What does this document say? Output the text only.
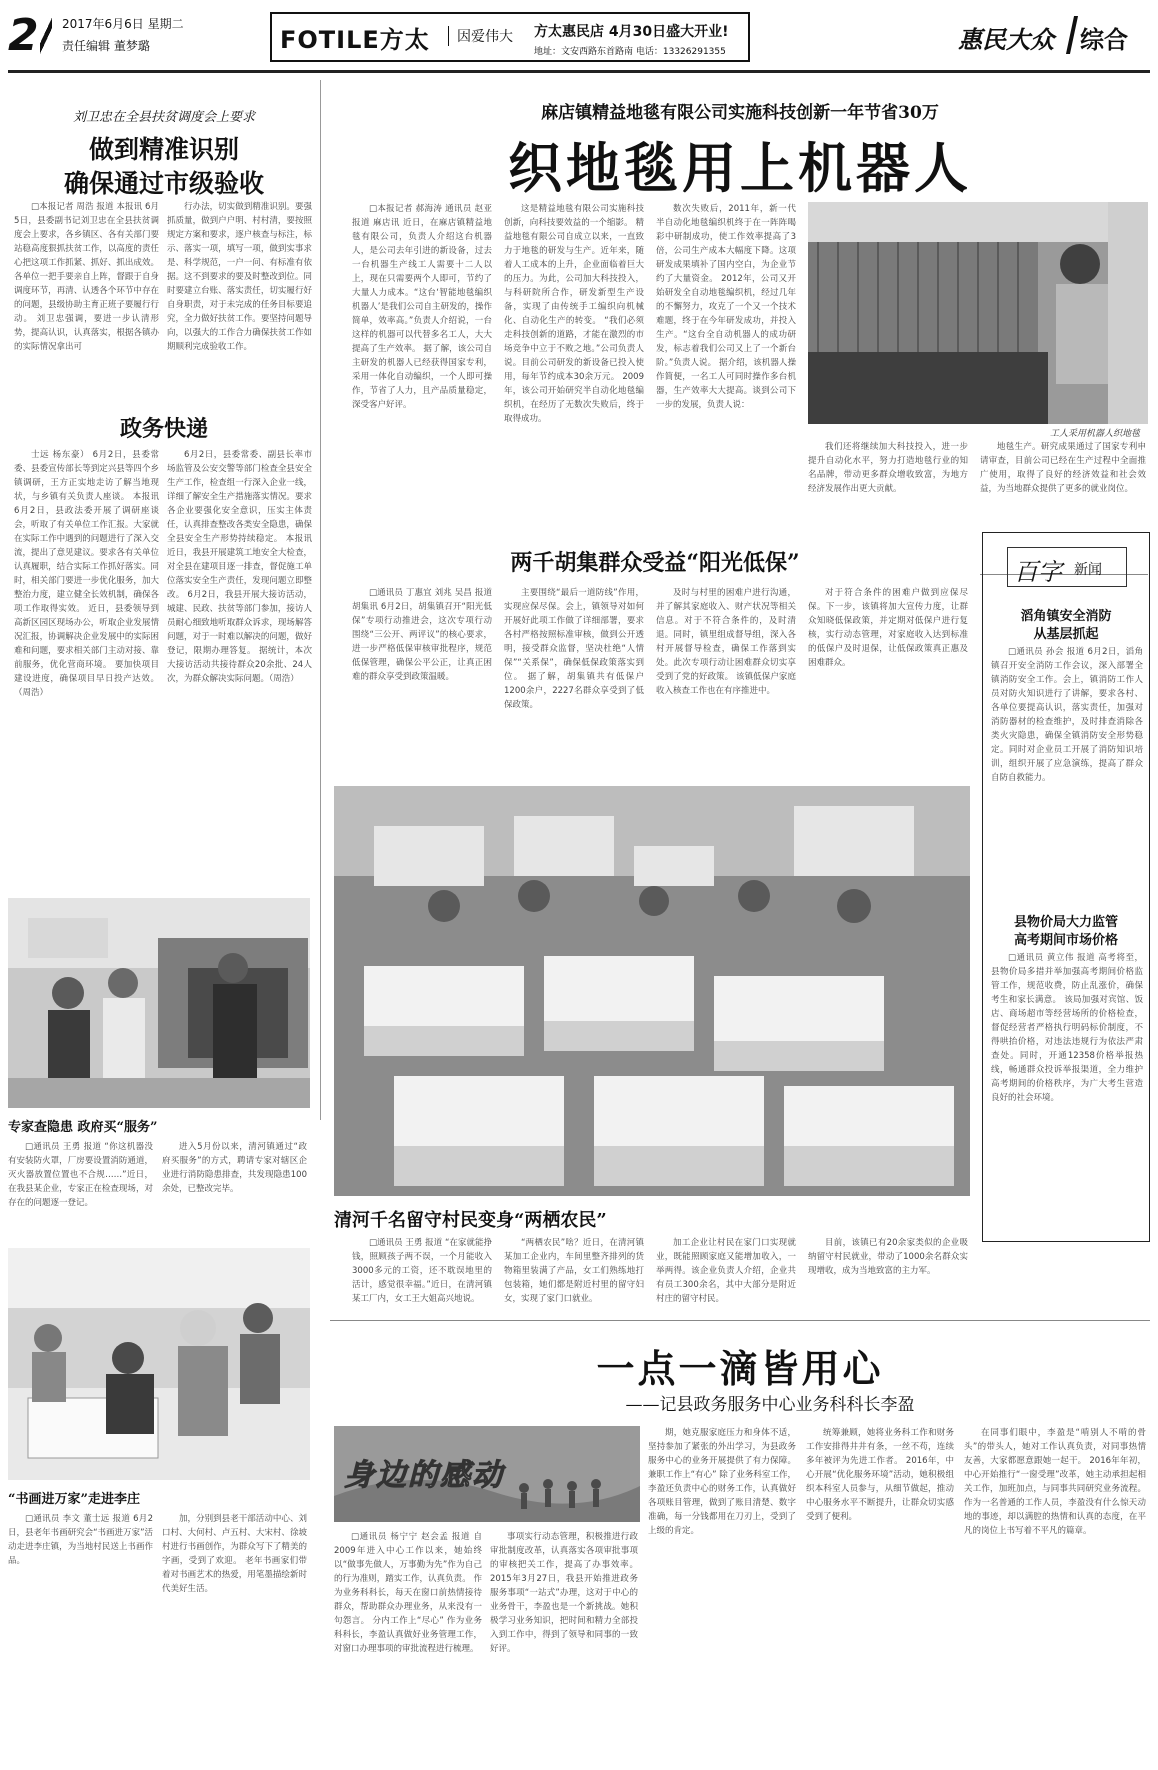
2 2017年6月6日 星期二
责任编辑 董梦璐	FOTILE方太	因爱伟大 方太惠民店 4月30日盛大开业!
地址：文安西路东首路南 电话：13326291355	惠民大众 综合
刘卫忠在全县扶贫调度会上要求
做到精准识别
确保通过市级验收

□本报记者 周浩 报道 本报讯 6月5日，县委副书记刘卫忠在全县扶贫调度会上要求，各乡镇区、各有关部门要站稳高度狠抓扶贫工作，以高度的责任心把这项工作抓紧、抓好、抓出成效。各单位一把手要亲自上阵，督跟于自身调度环节，再清、认透各个环节中存在的问题，县级协助主育正班子要履行行动。 刘卫忠强调，要进一步认清形势，提高认识，认真落实，根据各镇办的实际情况拿出可

行办法，切实做到精准识别。要强抓质量，做到户户明、村村清，要按照规定方案和要求，逐户核查与标注，标示、落实一项，填写一项，做到实事求是、科学规范，一户一问、有标准有依据。这不到要求的要及时整改到位。同时要建立台账、落实责任，切实履行好自身职责，对于未完成的任务目标要追究，全力做好扶贫工作。要坚持问题导向，以强大的工作合力确保扶贫工作如期顺利完成验收工作。

政务快递

士远 杨东豪） 6月2日，县委常委、县委宣传部长等到定兴县等四个乡镇调研，王方正实地走访了解当地现状，与乡镇有关负责人座谈。 本报讯 6月2日，县政法委开展了调研座谈会，听取了有关单位工作汇报。大家就在实际工作中遇到的问题进行了深入交流，提出了意见建议。要求各有关单位认真履职，结合实际工作抓好落实。同时，相关部门要进一步优化服务，加大整治力度，建立健全长效机制，确保各项工作取得实效。 近日，县委领导到高新区园区现场办公，听取企业发展情况汇报，协调解决企业发展中的实际困难和问题，要求相关部门主动对接、靠前服务，优化营商环境。 要加快项目建设进度，确保项目早日投产达效。（周浩）

6月2日，县委常委、副县长率市场监管及公安交警等部门检查全县安全生产工作，检查组一行深入企业一线，详细了解安全生产措施落实情况。要求各企业要强化安全意识，压实主体责任，认真排查整改各类安全隐患，确保全县安全生产形势持续稳定。 本报讯 近日，我县开展建筑工地安全大检查，对全县在建项目逐一排查，督促施工单位落实安全生产责任，发现问题立即整改。 6月2日，我县开展大接访活动，城建、民政、扶贫等部门参加，接访人员耐心细致地听取群众诉求，现场解答问题，对于一时难以解决的问题，做好登记，限期办理答复。 据统计，本次大接访活动共接待群众20余批、24人次，为群众解决实际问题。（周浩）

专家查隐患 政府买“服务”

□通讯员 王勇 报道 “你这机器没有安装防火罩，厂房要设置消防通道，灭火器放置位置也不合规……”近日，在我县某企业，专家正在检查现场，对存在的问题逐一登记。

进入5月份以来，清河镇通过“政府买服务”的方式，聘请专家对辖区企业进行消防隐患排查，共发现隐患100余处，已整改完毕。

“书画进万家”走进李庄

□通讯员 李文 董士远 报道 6月2日，县老年书画研究会“书画进万家”活动走进李庄镇，为当地村民送上书画作品。

加，分别到县老干部活动中心、刘口村、大何村、卢五村、大宋村、徐坡村进行书画创作，为群众写下了精美的字画，受到了欢迎。 老年书画家们带着对书画艺术的热爱，用笔墨描绘新时代美好生活。

麻店镇精益地毯有限公司实施科技创新一年节省30万
织地毯用上机器人

□本报记者 郝海涛 通讯员 赵亚 报道 麻店讯 近日，在麻店镇精益地毯有限公司，负责人介绍这台机器人，是公司去年引进的新设备，过去一台机器生产线工人需要十二人以上，现在只需要两个人即可，节约了大量人力成本。“这台‘智能地毯编织机器人’是我们公司自主研发的，操作简单，效率高。”负责人介绍说，一台这样的机器可以代替多名工人，大大提高了生产效率。 据了解，该公司自主研发的机器人已经获得国家专利，采用一体化自动编织，一个人即可操作，节省了人力，且产品质量稳定，深受客户好评。

这是精益地毯有限公司实施科技创新，向科技要效益的一个缩影。 精益地毯有限公司自成立以来，一直致力于地毯的研发与生产。近年来，随着人工成本的上升，企业面临着巨大的压力。为此，公司加大科技投入，与科研院所合作，研发新型生产设备，实现了由传统手工编织向机械化、自动化生产的转变。 “我们必须走科技创新的道路，才能在激烈的市场竞争中立于不败之地。”公司负责人说。目前公司研发的新设备已投入使用，每年节约成本30余万元。 2009年，该公司开始研究半自动化地毯编织机，在经历了无数次失败后，终于取得成功。

数次失败后，2011年，新一代半自动化地毯编织机终于在一阵阵喝彩中研制成功，使工作效率提高了3倍，公司生产成本大幅度下降。这项研发成果填补了国内空白，为企业节约了大量资金。 2012年，公司又开始研发全自动地毯编织机，经过几年的不懈努力，攻克了一个又一个技术难题，终于在今年研发成功，并投入生产。“这台全自动机器人的成功研发，标志着我们公司又上了一个新台阶。”负责人说。 据介绍，该机器人操作简便，一名工人可同时操作多台机器，生产效率大大提高。谈到公司下一步的发展，负责人说：

工人采用机器人织地毯

我们还将继续加大科技投入，进一步提升自动化水平，努力打造地毯行业的知名品牌，带动更多群众增收致富，为地方经济发展作出更大贡献。

地毯生产。研究成果通过了国家专利申请审查，目前公司已经在生产过程中全面推广使用，取得了良好的经济效益和社会效益，为当地群众提供了更多的就业岗位。

两千胡集群众受益“阳光低保”

□通讯员 丁惠宜 刘兆 吴昌 报道 胡集讯 6月2日，胡集镇召开“阳光低保”专项行动推进会，这次专项行动围绕“三公开、两评议”的核心要求，进一步严格低保审核审批程序，规范低保管理，确保公平公正，让真正困难的群众享受到政策温暖。

主要围绕“最后一道防线”作用，实现应保尽保。会上，镇领导对如何开展好此项工作做了详细部署，要求各村严格按照标准审核，做到公开透明，接受群众监督，坚决杜绝“人情保”“关系保”，确保低保政策落实到位。 据了解，胡集镇共有低保户1200余户，2227名群众享受到了低保政策。

及时与村里的困难户进行沟通，并了解其家庭收入、财产状况等相关信息。对于不符合条件的，及时清退。同时，镇里组成督导组，深入各村开展督导检查，确保工作落到实处。此次专项行动让困难群众切实享受到了党的好政策。 该镇低保户家庭收入核查工作也在有序推进中。

对于符合条件的困难户做到应保尽保。下一步，该镇将加大宣传力度，让群众知晓低保政策，并定期对低保户进行复核，实行动态管理，对家庭收入达到标准的低保户及时退保，让低保政策真正惠及困难群众。

清河千名留守村民变身“两栖农民”

□通讯员 王勇 报道 “在家就能挣钱，照顾孩子两不误，一个月能收入3000多元的工资，还不耽误地里的活计，感觉很幸福。”近日，在清河镇某工厂内，女工王大姐高兴地说。

“两栖农民”啥？近日，在清河镇某加工企业内，车间里整齐排列的货物箱里装满了产品，女工们熟练地打包装箱，她们都是附近村里的留守妇女，实现了家门口就业。

加工企业让村民在家门口实现就业，既能照顾家庭又能增加收入，一举两得。该企业负责人介绍，企业共有员工300余名，其中大部分是附近村庄的留守村民。

目前，该镇已有20余家类似的企业吸纳留守村民就业，带动了1000余名群众实现增收，成为当地致富的主力军。

百字 新闻
滔角镇安全消防
从基层抓起

□通讯员 孙会 报道 6月2日，滔角镇召开安全消防工作会议，深入部署全镇消防安全工作。会上，镇消防工作人员对防火知识进行了讲解，要求各村、各单位要提高认识，落实责任，加强对消防器材的检查维护，及时排查消除各类火灾隐患，确保全镇消防安全形势稳定。同时对企业员工开展了消防知识培训，组织开展了应急演练，提高了群众自防自救能力。

县物价局大力监管
高考期间市场价格

□通讯员 黄立伟 报道 高考将至，县物价局多措并举加强高考期间价格监管工作，规范收费，防止乱涨价，确保考生和家长满意。 该局加强对宾馆、饭店、商场超市等经营场所的价格检查，督促经营者严格执行明码标价制度，不得哄抬价格，对违法违规行为依法严肃查处。同时，开通12358价格举报热线，畅通群众投诉举报渠道，全力维护高考期间的价格秩序，为广大考生营造良好的社会环境。

一点一滴皆用心
——记县政务服务中心业务科科长李盈
身边的感动

□通讯员 杨宁宁 赵会孟 报道 自2009年进入中心工作以来，她始终以“做事先做人，万事勤为先”作为自己的行为准则，踏实工作，认真负责。 作为业务科科长，每天在窗口前热情接待群众，帮助群众办理业务，从来没有一句怨言。 分内工作上“尽心” 作为业务科科长，李盈认真做好业务管理工作，对窗口办理事项的审批流程进行梳理。

事项实行动态管理，积极推进行政审批制度改革，认真落实各项审批事项的审核把关工作，提高了办事效率。 2015年3月27日，我县开始推进政务服务事项“一站式”办理，这对于中心的业务骨干，李盈也是一个新挑战。她积极学习业务知识，把时间和精力全部投入到工作中，得到了领导和同事的一致好评。

期，她克服家庭压力和身体不适，坚持参加了紧张的外出学习，为县政务服务中心的业务开展提供了有力保障。 兼职工作上“有心” 除了业务科室工作，李盈还负责中心的财务工作，认真做好各项账目管理，做到了账目清楚、数字准确，每一分钱都用在刀刃上，受到了上级的肯定。

统筹兼顾，她将业务科工作和财务工作安排得井井有条，一丝不苟，连续多年被评为先进工作者。 2016年，中心开展“优化服务环境”活动，她积极组织本科室人员参与，从细节做起，推动中心服务水平不断提升，让群众切实感受到了便利。

在同事们眼中，李盈是“啃别人不啃的骨头”的带头人，她对工作认真负责，对同事热情友善，大家都愿意跟她一起干。 2016年年初，中心开始推行“一窗受理”改革，她主动承担起相关工作，加班加点，与同事共同研究业务流程。 作为一名普通的工作人员，李盈没有什么惊天动地的事迹，却以满腔的热情和认真的态度，在平凡的岗位上书写着不平凡的篇章。
